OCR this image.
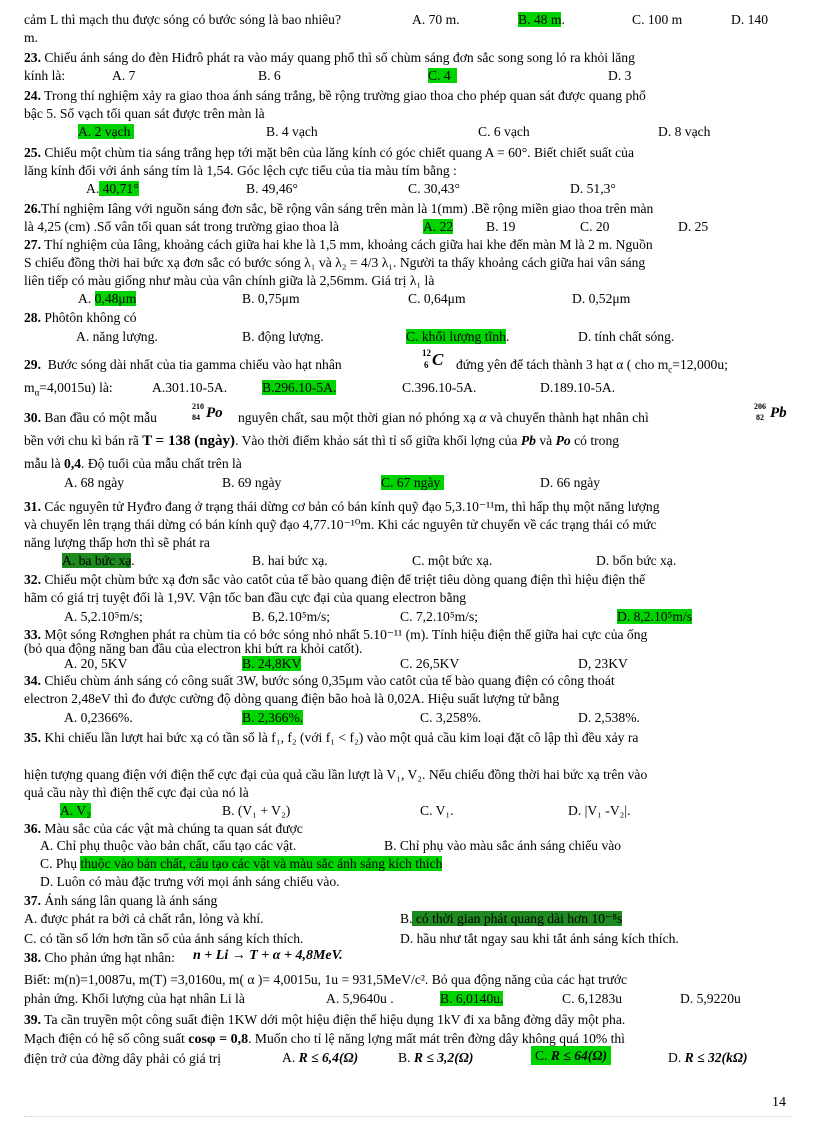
cảm L thì mạch thu được sóng có bước sóng là bao nhiêu?	A. 70 m.	B. 48 m.	C. 100 m	D. 140
m.
23. Chiếu ánh sáng do đèn Hiđrô phát ra vào máy quang phổ thì số chùm sáng đơn sắc song song ló ra khỏi lăng
kính là:	A. 7	B. 6	C. 4	D. 3
24. Trong thí nghiệm xảy ra giao thoa ánh sáng trắng, bề rộng trường giao thoa cho phép quan sát được quang phổ
bậc 5. Số vạch tối quan sát được trên màn là
A. 2 vạch	B. 4 vạch	C. 6 vạch	D. 8 vạch
25. Chiếu một chùm tia sáng trắng hẹp tới mặt bên của lăng kính có góc chiết quang A = 60°. Biết chiết suất của
lăng kính đối với ánh sáng tím là 1,54. Góc lệch cực tiểu của tia màu tím bằng :
A. 40,71°	B. 49,46°	C. 30,43°	D. 51,3°
26.Thí nghiệm Iâng với nguồn sáng đơn sắc, bề rộng vân sáng trên màn là 1(mm) .Bề rộng miền giao thoa trên màn
là 4,25 (cm) .Số vân tối quan sát trong trường giao thoa là	A. 22 B. 19	C. 20	D. 25
27. Thí nghiệm của Iâng, khoảng cách giữa hai khe là 1,5 mm, khoảng cách giữa hai khe đến màn M là 2 m. Nguồn
S chiếu đồng thời hai bức xạ đơn sắc có bước sóng λ₁ và λ₂ = 4/3 λ₁. Người ta thấy khoảng cách giữa hai vân sáng
liên tiếp có màu giống như màu của vân chính giữa là 2,56mm. Giá trị λ₁ là
A. 0,48μm	B. 0,75μm	C. 0,64μm	D. 0,52μm
28. Phôtôn không có
A. năng lượng.	B. động lượng.	C. khối lượng tĩnh.	D. tính chất sóng.
29. Bước sóng dài nhất của tia gamma chiếu vào hạt nhân
12
6 C đứng yên để tách thành 3 hạt α ( cho $m_c=12,000u$;
$m_\alpha=4,0015u$) là:	A.301.10-5A.	B.296.10-5A.	C.396.10-5A.	D.189.10-5A.
30. Ban đầu có một mẫu
210
84 Po nguyên chất, sau một thời gian nó phóng xạ α và chuyển thành hạt nhân chì
206
82 Pb
bền với chu kì bán rã T = 138 (ngày). Vào thời điểm khảo sát thì tỉ số giữa khối lợng của Pb và Po có trong
mẫu là 0,4. Độ tuổi của mẫu chất trên là
A. 68 ngày	B. 69 ngày	C. 67 ngày	D. 66 ngày
31. Các nguyên tử Hyđro đang ở trạng thái dừng cơ bản có bán kính quỹ đạo 5,3.10⁻¹¹m, thì hấp thụ một năng lượng
và chuyển lên trạng thái dừng có bán kính quỹ đạo 4,77.10⁻¹⁰m. Khi các nguyên tử chuyển về các trạng thái có mức
năng lượng thấp hơn thì sẽ phát ra
A. ba bức xạ.	B. hai bức xạ.	C. một bức xạ.	D. bốn bức xạ.
32. Chiếu một chùm bức xạ đơn sắc vào catôt của tế bào quang điện để triệt tiêu dòng quang điện thì hiệu điện thế
hãm có giá trị tuyệt đối là 1,9V. Vận tốc ban đầu cực đại của quang electron bằng
A. 5,2.10⁵m/s;	B. 6,2.10⁵m/s;	C. 7,2.10⁵m/s;	D. 8,2.10⁵m/s
33. Một sóng Rơnghen phát ra chùm tia có bớc sóng nhỏ nhất 5.10⁻¹¹ (m). Tính hiệu điện thế giữa hai cực của ống
(bỏ qua động năng ban đầu của electron khi bứt ra khỏi catốt).
A. 20, 5KV	B. 24,8KV	C. 26,5KV	D, 23KV
34. Chiếu chùm ánh sáng có công suất 3W, bước sóng 0,35μm vào catôt của tế bào quang điện có công thoát
electron 2,48eV thì đo được cường độ dòng quang điện bão hoà là 0,02A. Hiệu suất lượng tử bằng
A. 0,2366%.	B. 2,366%.	C. 3,258%.	D. 2,538%.
35. Khi chiếu lần lượt hai bức xạ có tần số là f₁, f₂ (với f₁ < f₂) vào một quả cầu kim loại đặt cô lập thì đều xảy ra
hiện tượng quang điện với điện thế cực đại của quả cầu lần lượt là V₁, V₂. Nếu chiếu đồng thời hai bức xạ trên vào
quả cầu này thì điện thế cực đại của nó là
A. V₂	B. (V₁ + V₂)	C. V₁.	D. |V₁ -V₂|.
36. Màu sắc của các vật mà chúng ta quan sát được
A. Chỉ phụ thuộc vào bản chất, cấu tạo các vật.	B. Chỉ phụ vào màu sắc ánh sáng chiếu vào
C. Phụ thuộc vào bản chất, cấu tạo các vật và màu sắc ánh sáng kích thích
D. Luôn có màu đặc trưng với mọi ánh sáng chiếu vào.
37. Ánh sáng lân quang là ánh sáng
A. được phát ra bởi cả chất rắn, lỏng và khí.	B. có thời gian phát quang dài hơn 10⁻⁸s
C. có tần số lớn hơn tần số của ánh sáng kích thích.	D. hầu như tắt ngay sau khi tắt ánh sáng kích thích.
38. Cho phản ứng hạt nhân: n + Li → T + α + 4,8MeV.
Biết: m(n)=1,0087u, m(T) =3,0160u, m( α )= 4,0015u, 1u = 931,5MeV/c². Bỏ qua động năng của các hạt trước
phản ứng. Khối lượng của hạt nhân Li là	A. 5,9640u .	B. 6,0140u.	C. 6,1283u	D. 5,9220u
39. Ta cần truyền một công suất điện 1KW dới một hiệu điện thế hiệu dụng 1kV đi xa bằng đờng dây một pha.
Mạch điện có hệ số công suất cosφ = 0,8. Muốn cho tỉ lệ năng lợng mất mát trên đờng dây không quá 10% thì
điện trở của đờng dây phải có giá trị	A. R ≤ 6,4(Ω)	B. R ≤ 3,2(Ω)	C. R ≤ 64(Ω)	D. R ≤ 32(kΩ)
14
